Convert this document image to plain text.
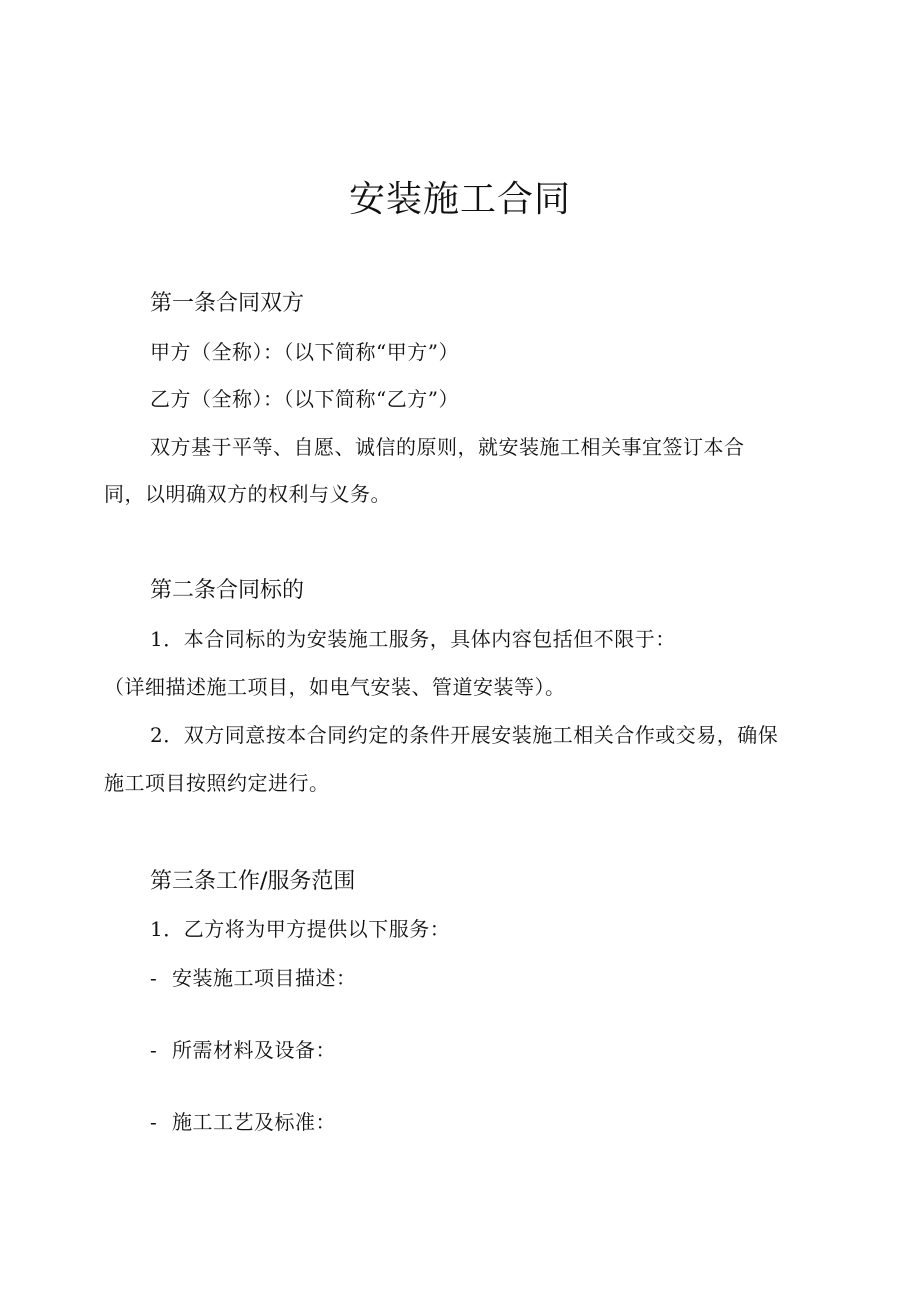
安装施工合同
第一条合同双方

甲方（全称）：（以下简称“甲方”）

乙方（全称）：（以下简称“乙方”）

双方基于平等、自愿、诚信的原则，就安装施工相关事宜签订本合

同，以明确双方的权利与义务。

第二条合同标的

1．本合同标的为安装施工服务，具体内容包括但不限于：

（详细描述施工项目，如电气安装、管道安装等）。

2．双方同意按本合同约定的条件开展安装施工相关合作或交易，确保

施工项目按照约定进行。

第三条工作/服务范围

1．乙方将为甲方提供以下服务：

- 安装施工项目描述：

- 所需材料及设备：

- 施工工艺及标准：
